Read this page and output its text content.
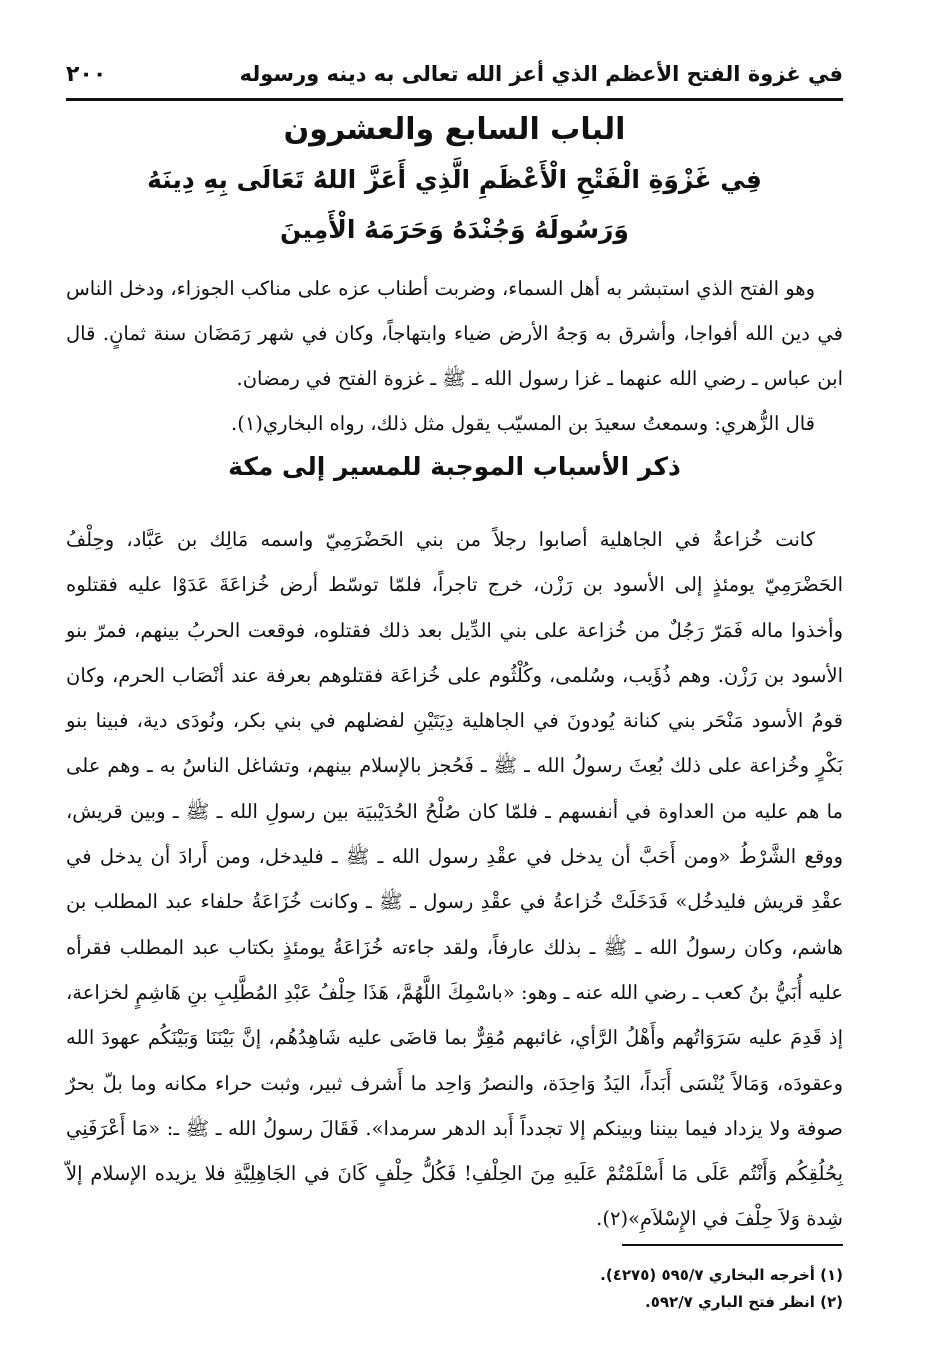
في غزوة الفتح الأعظم الذي أعز الله تعالى به دينه ورسوله
٢٠٠
الباب السابع والعشرون
فِي غَزْوَةِ الْفَتْحِ الْأَعْظَمِ الَّذِي أَعَزَّ اللهُ تَعَالَى بِهِ دِينَهُ
وَرَسُولَهُ وَجُنْدَهُ وَحَرَمَهُ الْأَمِينَ

وهو الفتح الذي استبشر به أهل السماء، وضربت أطناب عزه على مناكب الجوزاء، ودخل الناس في دين الله أفواجا، وأشرق به وَجهُ الأرض ضياء وابتهاجاً، وكان في شهر رَمَضَان سنة ثمانٍ. قال ابن عباس ـ رضي الله عنهما ـ غزا رسول الله ـ ﷺ ـ غزوة الفتح في رمضان.

قال الزُّهري: وسمعتُ سعيدَ بن المسيّب يقول مثل ذلك، رواه البخاري(١).

ذكر الأسباب الموجبة للمسير إلى مكة

كانت خُزاعةُ في الجاهلية أصابوا رجلاً من بني الحَضْرَمِيّ واسمه مَالِك بن عَبَّاد، وحِلْفُ الحَضْرَمِيّ يومئذٍ إلى الأسود بن رَزْن، خرج تاجراً، فلمّا توسّط أرض خُزاعَةَ عَدَوْا عليه فقتلوه وأخذوا ماله فَمَرّ رَجُلٌ من خُزاعة على بني الدِّيل بعد ذلك فقتلوه، فوقعت الحربُ بينهم، فمرّ بنو الأسود بن رَزْن. وهم ذُؤَيب، وسُلمى، وكُلْثُوم على خُزاعَة فقتلوهم بعرفة عند أنْصَاب الحرم، وكان قومُ الأسود مَنْحَر بني كنانة يُودونَ في الجاهلية دِيَتَيْنِ لفضلهم في بني بكر، ونُودَى دية، فبينا بنو بَكْرٍ وخُزاعة على ذلك بُعِثَ رسولُ الله ـ ﷺ ـ فَحُجز بالإسلام بينهم، وتشاغل الناسُ به ـ وهم على ما هم عليه من العداوة في أنفسهم ـ فلمّا كان صُلْحُ الحُدَيْبيَة بين رسولِ الله ـ ﷺ ـ وبين قريش، ووقع الشَّرْطُ «ومن أَحَبَّ أن يدخل في عقْدِ رسول الله ـ ﷺ ـ فليدخل، ومن أَرادَ أن يدخل في عقْدِ قريش فليدخُل» فَدَخَلَتْ خُزاعةُ في عقْدِ رسول ـ ﷺ ـ وكانت خُزَاعَةُ حلفاء عبد المطلب بن هاشم، وكان رسولُ الله ـ ﷺ ـ بذلك عارفاً، ولقد جاءته خُزَاعَةُ يومئذٍ بكتاب عبد المطلب فقرأه عليه أُبَيُّ بنُ كعب ـ رضي الله عنه ـ وهو: «باسْمِكَ اللَّهُمَّ، هَذَا حِلْفُ عَبْدِ المُطَّلِبِ بنِ هَاشِمٍ لخزاعة، إذ قَدِمَ عليه سَرَوَاتُهم وأَهْلُ الرَّأي، غائبهم مُقِرٌّ بما قاضَى عليه شَاهِدُهُم، إنَّ بَيْنَنَا وَبَيْنَكُم عهودَ الله وعقودَه، وَمَالاً يُنْسَى أَبَداً، اليَدُ وَاحِدَة، والنصرُ وَاحِد ما أَشرف ثبير، وثبت حراء مكانه وما بلّ بحرٌ صوفة ولا يزداد فيما بيننا وبينكم إلا تجدداً أَبد الدهر سرمدا». فَقَالَ رسولُ الله ـ ﷺ ـ: «مَا أَعْرَفَنِي بِحُلُقِكُم وَأَنْتُم عَلَى مَا أَسْلَمْتُمْ عَلَيهِ مِنَ الحِلْفِ! فَكُلُّ حِلْفٍ كَانَ في الجَاهِلِيَّةِ فلا يزيده الإسلام إلاّ شِدة وَلاَ حِلْفَ في الإِسْلاَمِ»(٢).

(١) أخرجه البخاري ٥٩٥/٧ (٤٢٧٥).
(٢) انظر فتح الباري ٥٩٢/٧.
